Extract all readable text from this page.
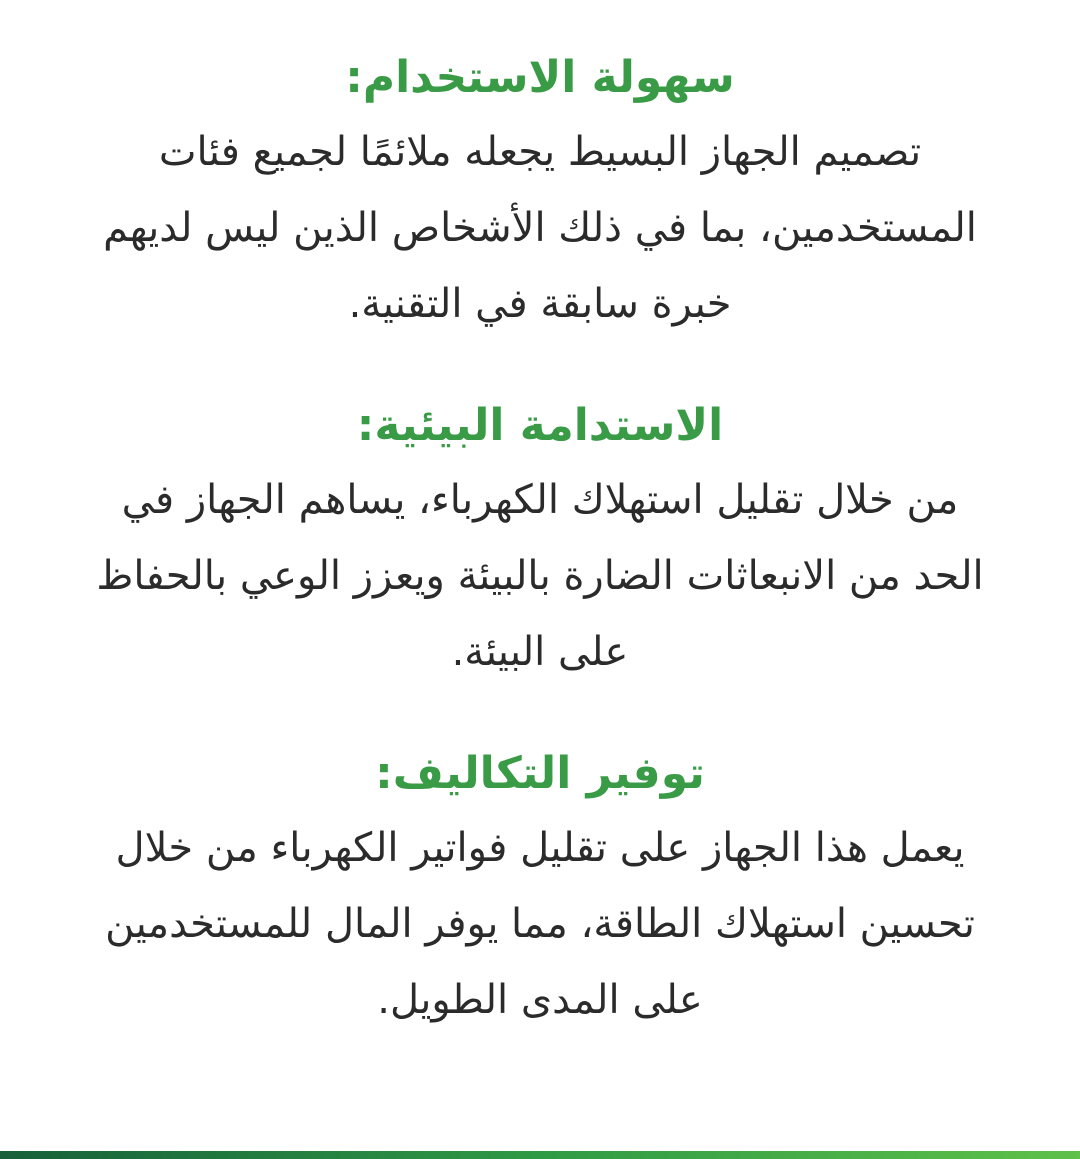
سهولة الاستخدام:

تصميم الجهاز البسيط يجعله ملائمًا لجميع فئات المستخدمين، بما في ذلك الأشخاص الذين ليس لديهم خبرة سابقة في التقنية.

الاستدامة البيئية:

من خلال تقليل استهلاك الكهرباء، يساهم الجهاز في الحد من الانبعاثات الضارة بالبيئة ويعزز الوعي بالحفاظ على البيئة.

توفير التكاليف:

يعمل هذا الجهاز على تقليل فواتير الكهرباء من خلال تحسين استهلاك الطاقة، مما يوفر المال للمستخدمين على المدى الطويل.
